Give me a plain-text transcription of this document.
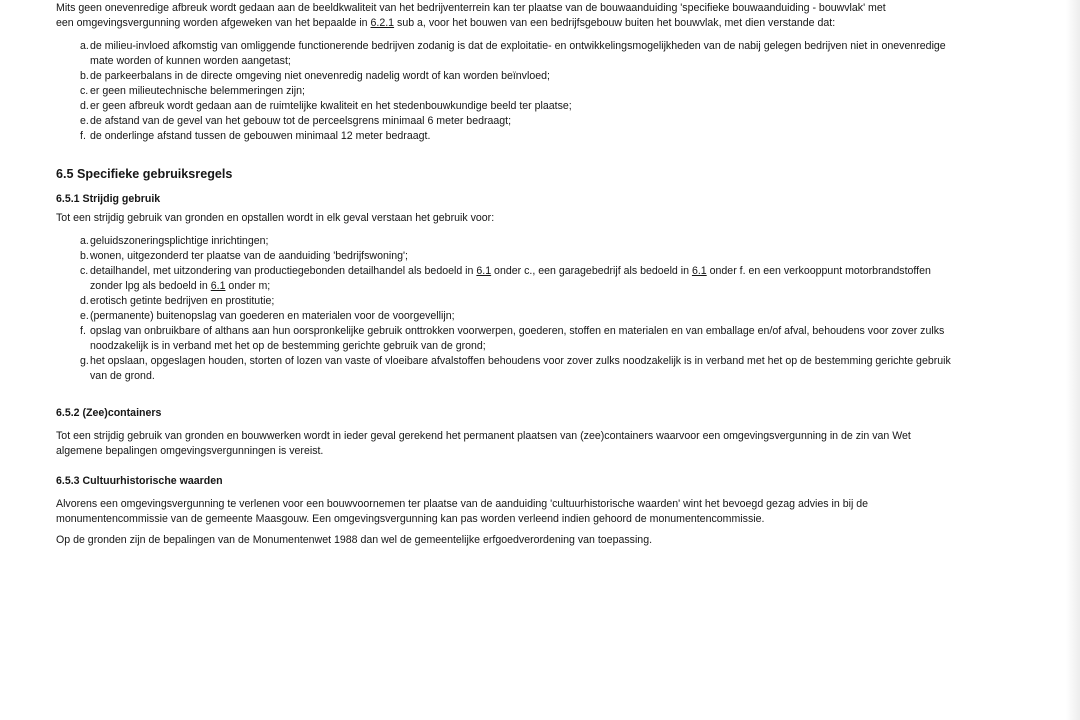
Mits geen onevenredige afbreuk wordt gedaan aan de beeldkwaliteit van het bedrijventerrein kan ter plaatse van de bouwaanduiding 'specifieke bouwaanduiding - bouwvlak' met

een omgevingsvergunning worden afgeweken van het bepaalde in 6.2.1 sub a, voor het bouwen van een bedrijfsgebouw buiten het bouwvlak, met dien verstande dat:

a. de milieu-invloed afkomstig van omliggende functionerende bedrijven zodanig is dat de exploitatie- en ontwikkelingsmogelijkheden van de nabij gelegen bedrijven niet in onevenredige mate worden of kunnen worden aangetast;
b. de parkeerbalans in de directe omgeving niet onevenredig nadelig wordt of kan worden beïnvloed;
c. er geen milieutechnische belemmeringen zijn;
d. er geen afbreuk wordt gedaan aan de ruimtelijke kwaliteit en het stedenbouwkundige beeld ter plaatse;
e. de afstand van de gevel van het gebouw tot de perceelsgrens minimaal 6 meter bedraagt;
f. de onderlinge afstand tussen de gebouwen minimaal 12 meter bedraagt.
6.5 Specifieke gebruiksregels
6.5.1 Strijdig gebruik

Tot een strijdig gebruik van gronden en opstallen wordt in elk geval verstaan het gebruik voor:

a. geluidszoneringsplichtige inrichtingen;
b. wonen, uitgezonderd ter plaatse van de aanduiding 'bedrijfswoning';
c. detailhandel, met uitzondering van productiegebonden detailhandel als bedoeld in 6.1 onder c., een garagebedrijf als bedoeld in 6.1 onder f. en een verkooppunt motorbrandstoffen zonder lpg als bedoeld in 6.1 onder m;
d. erotisch getinte bedrijven en prostitutie;
e. (permanente) buitenopslag van goederen en materialen voor de voorgevellijn;
f. opslag van onbruikbare of althans aan hun oorspronkelijke gebruik onttrokken voorwerpen, goederen, stoffen en materialen en van emballage en/of afval, behoudens voor zover zulks noodzakelijk is in verband met het op de bestemming gerichte gebruik van de grond;
g. het opslaan, opgeslagen houden, storten of lozen van vaste of vloeibare afvalstoffen behoudens voor zover zulks noodzakelijk is in verband met het op de bestemming gerichte gebruik van de grond.
6.5.2 (Zee)containers

Tot een strijdig gebruik van gronden en bouwwerken wordt in ieder geval gerekend het permanent plaatsen van (zee)containers waarvoor een omgevingsvergunning in de zin van Wet algemene bepalingen omgevingsvergunningen is vereist.

6.5.3 Cultuurhistorische waarden

Alvorens een omgevingsvergunning te verlenen voor een bouwvoornemen ter plaatse van de aanduiding 'cultuurhistorische waarden' wint het bevoegd gezag advies in bij de monumentencommissie van de gemeente Maasgouw. Een omgevingsvergunning kan pas worden verleend indien gehoord de monumentencommissie.

Op de gronden zijn de bepalingen van de Monumentenwet 1988 dan wel de gemeentelijke erfgoedverordening van toepassing.
